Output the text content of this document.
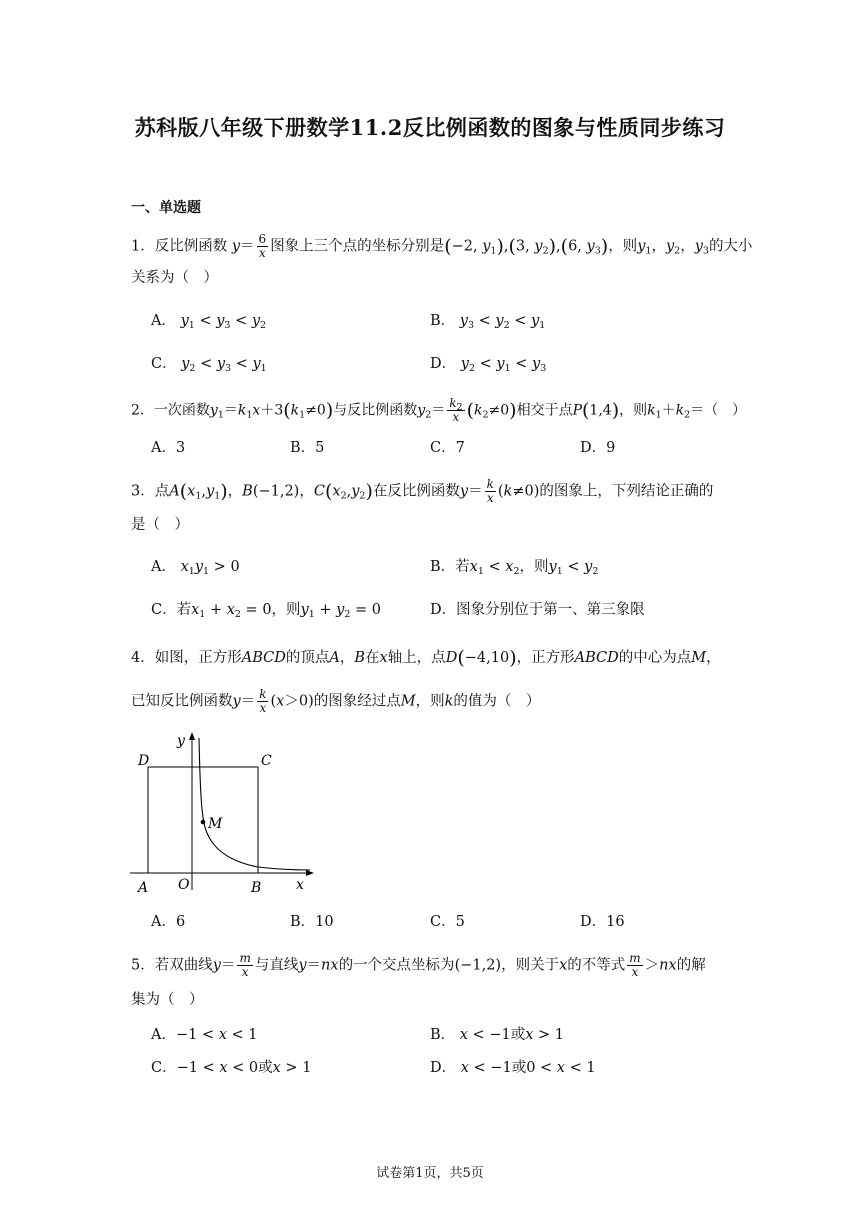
苏科版八年级下册数学11.2反比例函数的图象与性质同步练习
一、单选题
1．反比例函数 $y= \frac{6}{x}$ 图象上三个点的坐标分别是(−2, $y_1),(3$, $y_2),(6$, $y_3$)，则$y_1$，$y_2$，$y_3$的大小
关系为（　）
A． $y_1 < y_3 < y_2$	B． $y_3 < y_2 < y_1$
C． $y_2 < y_3 < y_1$	D． $y_2 < y_1 < y_3$
2．一次函数$y_1=k_1x+3(k_1\ne 0)$与反比例函数$y_2= \frac{k_2}{x} (k_2\ne 0)$相交于点P(1,4)，则$k_1+k_2=$（　）
A．3	B．5	C．7	D．9
3．点$A(x_1,y_1)$，B(−1,2)，$C(x_2,y_2)$在反比例函数$y= \frac{k}{x} (k\ne 0)$的图象上，下列结论正确的
是（　）
A． $x_1y_1 > 0$	B．若$x_1 < x_2$，则$y_1 < y_2$
C．若$x_1 + x_2 = 0$，则$y_1 + y_2 = 0$	D．图象分别位于第一、第三象限
4．如图，正方形ABCD的顶点A，B在x轴上，点D(−4,10)，正方形ABCD的中心为点M，
已知反比例函数$y= \frac{k}{x} (x>0)$的图象经过点M，则k的值为（　）
y
x
D	C
A	B
O
M
A．6	B．10	C．5	D．16
5．若双曲线$y= \frac{m}{x}$ 与直线y＝nx的一个交点坐标为(−1,2)，则关于x的不等式 $\frac{m}{x} >nx$的解
集为（　）
A．−1 < x < 1	B． x < −1或x > 1
C．−1 < x < 0或x > 1	D． x < −1或0 < x < 1
试卷第1页，共5页
